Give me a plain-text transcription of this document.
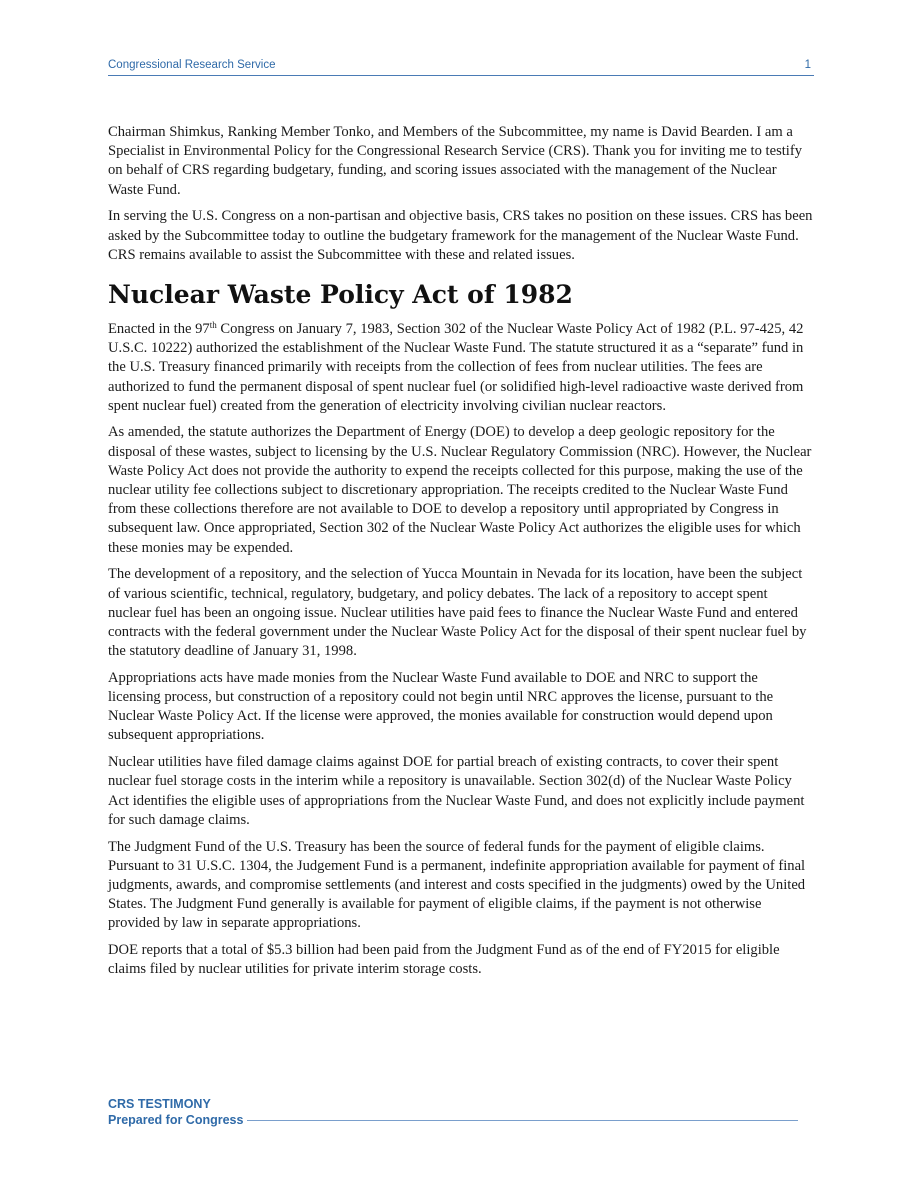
Congressional Research Service	1

Chairman Shimkus, Ranking Member Tonko, and Members of the Subcommittee, my name is David Bearden. I am a Specialist in Environmental Policy for the Congressional Research Service (CRS). Thank you for inviting me to testify on behalf of CRS regarding budgetary, funding, and scoring issues associated with the management of the Nuclear Waste Fund.

In serving the U.S. Congress on a non-partisan and objective basis, CRS takes no position on these issues. CRS has been asked by the Subcommittee today to outline the budgetary framework for the management of the Nuclear Waste Fund. CRS remains available to assist the Subcommittee with these and related issues.

Nuclear Waste Policy Act of 1982

Enacted in the 97th Congress on January 7, 1983, Section 302 of the Nuclear Waste Policy Act of 1982 (P.L. 97-425, 42 U.S.C. 10222) authorized the establishment of the Nuclear Waste Fund. The statute structured it as a “separate” fund in the U.S. Treasury financed primarily with receipts from the collection of fees from nuclear utilities. The fees are authorized to fund the permanent disposal of spent nuclear fuel (or solidified high-level radioactive waste derived from spent nuclear fuel) created from the generation of electricity involving civilian nuclear reactors.

As amended, the statute authorizes the Department of Energy (DOE) to develop a deep geologic repository for the disposal of these wastes, subject to licensing by the U.S. Nuclear Regulatory Commission (NRC). However, the Nuclear Waste Policy Act does not provide the authority to expend the receipts collected for this purpose, making the use of the nuclear utility fee collections subject to discretionary appropriation. The receipts credited to the Nuclear Waste Fund from these collections therefore are not available to DOE to develop a repository until appropriated by Congress in subsequent law. Once appropriated, Section 302 of the Nuclear Waste Policy Act authorizes the eligible uses for which these monies may be expended.

The development of a repository, and the selection of Yucca Mountain in Nevada for its location, have been the subject of various scientific, technical, regulatory, budgetary, and policy debates. The lack of a repository to accept spent nuclear fuel has been an ongoing issue. Nuclear utilities have paid fees to finance the Nuclear Waste Fund and entered contracts with the federal government under the Nuclear Waste Policy Act for the disposal of their spent nuclear fuel by the statutory deadline of January 31, 1998.

Appropriations acts have made monies from the Nuclear Waste Fund available to DOE and NRC to support the licensing process, but construction of a repository could not begin until NRC approves the license, pursuant to the Nuclear Waste Policy Act. If the license were approved, the monies available for construction would depend upon subsequent appropriations.

Nuclear utilities have filed damage claims against DOE for partial breach of existing contracts, to cover their spent nuclear fuel storage costs in the interim while a repository is unavailable. Section 302(d) of the Nuclear Waste Policy Act identifies the eligible uses of appropriations from the Nuclear Waste Fund, and does not explicitly include payment for such damage claims.

The Judgment Fund of the U.S. Treasury has been the source of federal funds for the payment of eligible claims. Pursuant to 31 U.S.C. 1304, the Judgement Fund is a permanent, indefinite appropriation available for payment of final judgments, awards, and compromise settlements (and interest and costs specified in the judgments) owed by the United States. The Judgment Fund generally is available for payment of eligible claims, if the payment is not otherwise provided by law in separate appropriations.

DOE reports that a total of $5.3 billion had been paid from the Judgment Fund as of the end of FY2015 for eligible claims filed by nuclear utilities for private interim storage costs.

CRS TESTIMONY
Prepared for Congress
